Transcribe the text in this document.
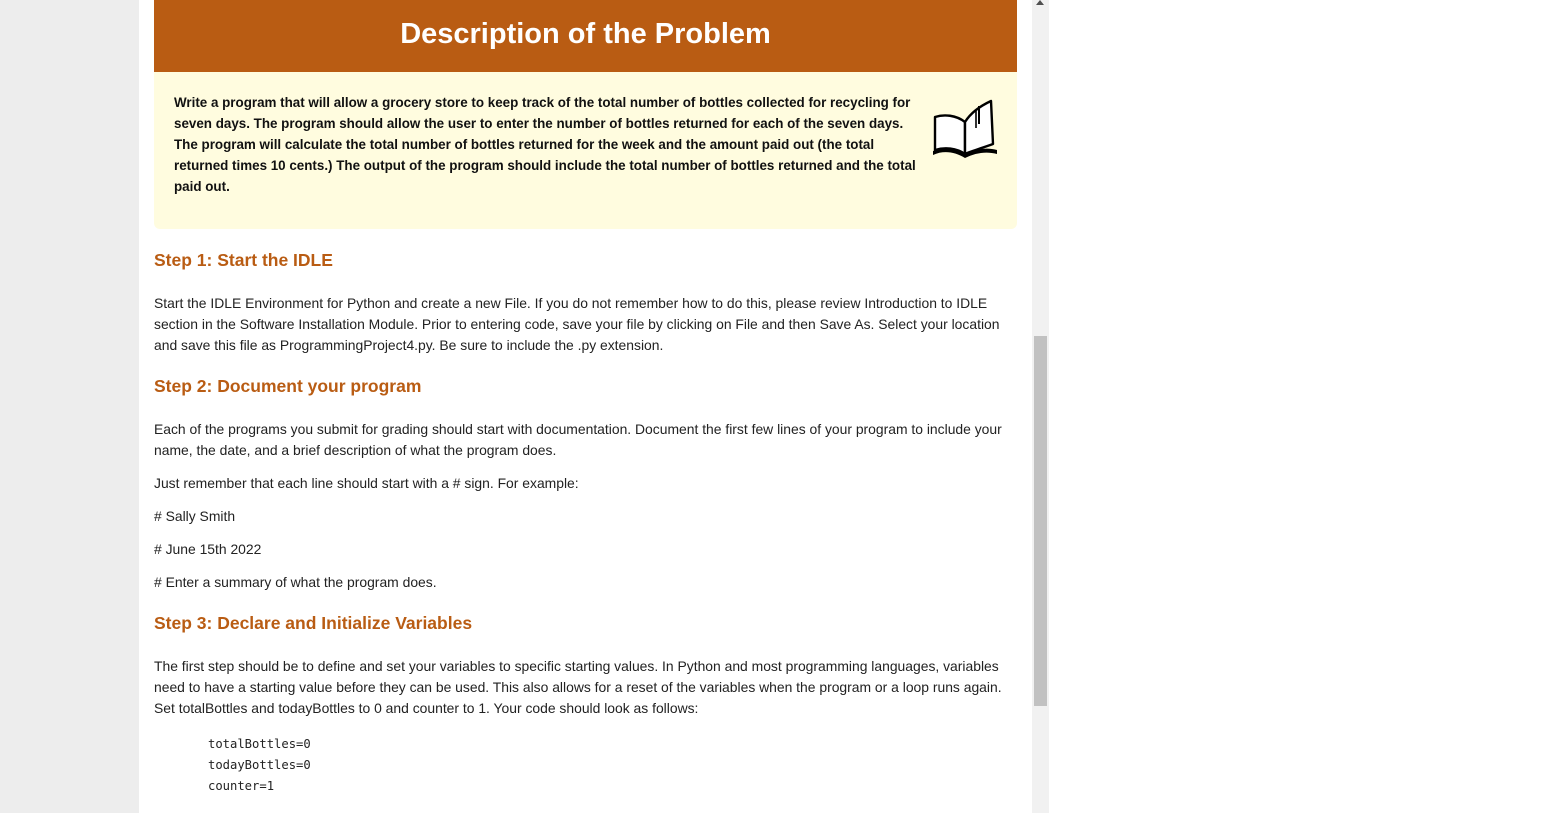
Description of the Problem
Write a program that will allow a grocery store to keep track of the total number of bottles collected for recycling for seven days. The program should allow the user to enter the number of bottles returned for each of the seven days. The program will calculate the total number of bottles returned for the week and the amount paid out (the total returned times 10 cents.) The output of the program should include the total number of bottles returned and the total paid out.
Step 1: Start the IDLE
Start the IDLE Environment for Python and create a new File. If you do not remember how to do this, please review Introduction to IDLE section in the Software Installation Module. Prior to entering code, save your file by clicking on File and then Save As. Select your location and save this file as ProgrammingProject4.py. Be sure to include the .py extension.
Step 2: Document your program
Each of the programs you submit for grading should start with documentation. Document the first few lines of your program to include your name, the date, and a brief description of what the program does.
Just remember that each line should start with a # sign. For example:
# Sally Smith
# June 15th 2022
# Enter a summary of what the program does.
Step 3: Declare and Initialize Variables
The first step should be to define and set your variables to specific starting values. In Python and most programming languages, variables need to have a starting value before they can be used. This also allows for a reset of the variables when the program or a loop runs again. Set totalBottles and todayBottles to 0 and counter to 1. Your code should look as follows:
totalBottles=0
todayBottles=0
counter=1
